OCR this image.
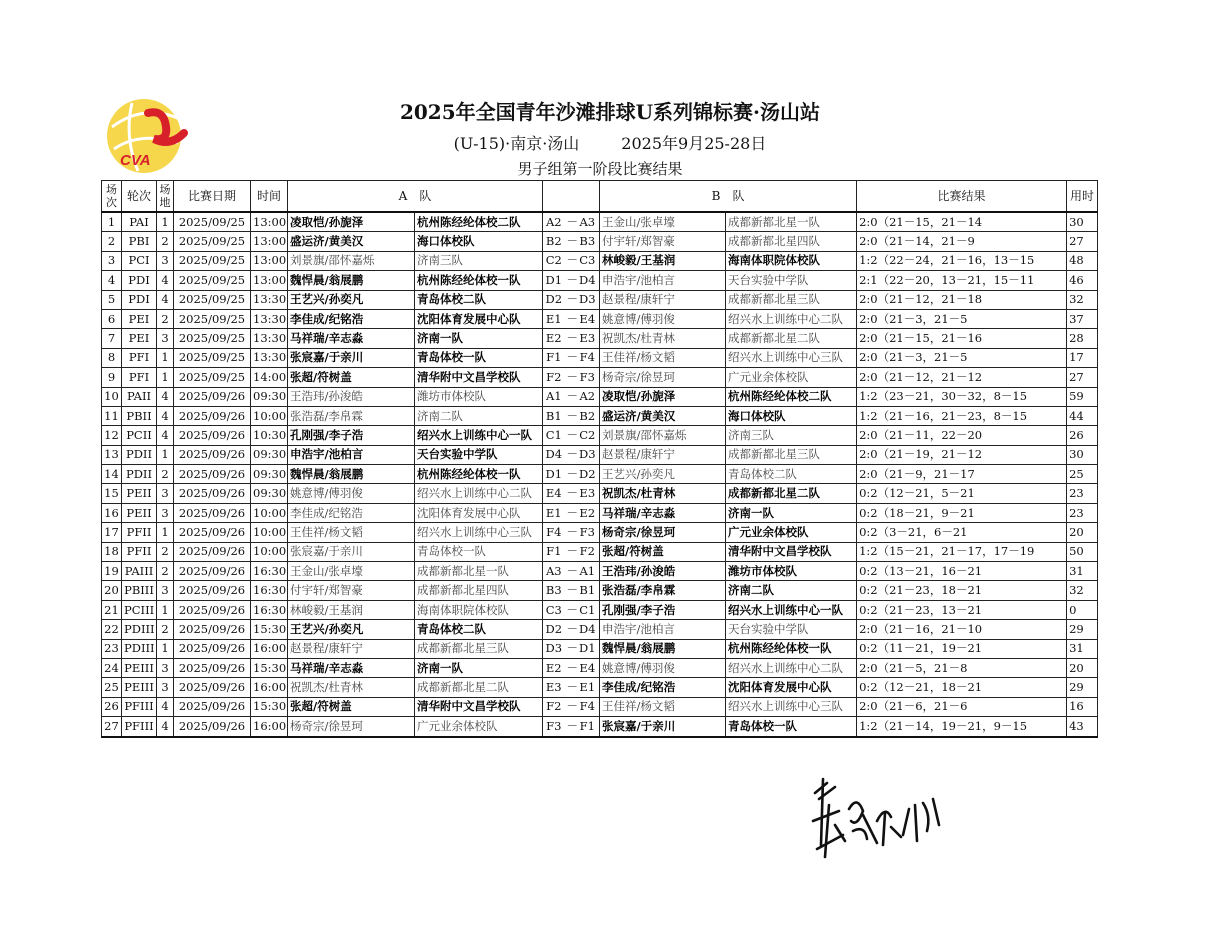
CVA
2025年全国青年沙滩排球U系列锦标赛·汤山站
(U-15)·南京·汤山	2025年9月25-28日
男子组第一阶段比赛结果
场次	轮次	场地	比赛日期	时间	A　队					B　队		比赛结果	用时
1	PAI	1	2025/09/25	13:00	凌取恺/孙旎泽	杭州陈经纶体校二队	A2	－	A3	王金山/张卓壕	成都新都北星一队	2:0（21－15，21－14	30
2	PBI	2	2025/09/25	13:00	盛运济/黄美汉	海口体校队	B2	－	B3	付宇轩/郑智豪	成都新都北星四队	2:0（21－14，21－9	27
3	PCI	3	2025/09/25	13:00	刘景旗/邵怀嘉烁	济南三队	C2	－	C3	林峻毅/王基润	海南体职院体校队	1:2（22－24，21－16，13－15	48
4	PDI	4	2025/09/25	13:00	魏悍晨/翁展鹏	杭州陈经纶体校一队	D1	－	D4	申浩宇/池柏言	天台实验中学队	2:1（22－20，13－21，15－11	46
5	PDI	4	2025/09/25	13:30	王艺兴/孙奕凡	青岛体校二队	D2	－	D3	赵景程/康轩宁	成都新都北星三队	2:0（21－12，21－18	32
6	PEI	2	2025/09/25	13:30	李佳成/纪铭浩	沈阳体育发展中心队	E1	－	E4	姚意博/傅羽俊	绍兴水上训练中心二队	2:0（21－3，21－5	37
7	PEI	3	2025/09/25	13:30	马祥瑞/辛志淼	济南一队	E2	－	E3	祝凯杰/杜青林	成都新都北星二队	2:0（21－15，21－16	28
8	PFI	1	2025/09/25	13:30	张宸嘉/于亲川	青岛体校一队	F1	－	F4	王佳祥/杨文韬	绍兴水上训练中心三队	2:0（21－3，21－5	17
9	PFI	1	2025/09/25	14:00	张超/符树盖	清华附中文昌学校队	F2	－	F3	杨奇宗/徐昱珂	广元业余体校队	2:0（21－12，21－12	27
10	PAII	4	2025/09/26	09:30	王浩玮/孙浚皓	潍坊市体校队	A1	－	A2	凌取恺/孙旎泽	杭州陈经纶体校二队	1:2（23－21，30－32，8－15	59
11	PBII	4	2025/09/26	10:00	张浩磊/李帛霖	济南二队	B1	－	B2	盛运济/黄美汉	海口体校队	1:2（21－16，21－23，8－15	44
12	PCII	4	2025/09/26	10:30	孔刚强/李子浩	绍兴水上训练中心一队	C1	－	C2	刘景旗/邵怀嘉烁	济南三队	2:0（21－11，22－20	26
13	PDII	1	2025/09/26	09:30	申浩宇/池柏言	天台实验中学队	D4	－	D3	赵景程/康轩宁	成都新都北星三队	2:0（21－19，21－12	30
14	PDII	2	2025/09/26	09:30	魏悍晨/翁展鹏	杭州陈经纶体校一队	D1	－	D2	王艺兴/孙奕凡	青岛体校二队	2:0（21－9，21－17	25
15	PEII	3	2025/09/26	09:30	姚意博/傅羽俊	绍兴水上训练中心二队	E4	－	E3	祝凯杰/杜青林	成都新都北星二队	0:2（12－21，5－21	23
16	PEII	3	2025/09/26	10:00	李佳成/纪铭浩	沈阳体育发展中心队	E1	－	E2	马祥瑞/辛志淼	济南一队	0:2（18－21，9－21	23
17	PFII	1	2025/09/26	10:00	王佳祥/杨文韬	绍兴水上训练中心三队	F4	－	F3	杨奇宗/徐昱珂	广元业余体校队	0:2（3－21，6－21	20
18	PFII	2	2025/09/26	10:00	张宸嘉/于亲川	青岛体校一队	F1	－	F2	张超/符树盖	清华附中文昌学校队	1:2（15－21，21－17，17－19	50
19	PAIII	2	2025/09/26	16:30	王金山/张卓壕	成都新都北星一队	A3	－	A1	王浩玮/孙浚皓	潍坊市体校队	0:2（13－21，16－21	31
20	PBIII	3	2025/09/26	16:30	付宇轩/郑智豪	成都新都北星四队	B3	－	B1	张浩磊/李帛霖	济南二队	0:2（21－23，18－21	32
21	PCIII	1	2025/09/26	16:30	林峻毅/王基润	海南体职院体校队	C3	－	C1	孔刚强/李子浩	绍兴水上训练中心一队	0:2（21－23，13－21	0
22	PDIII	2	2025/09/26	15:30	王艺兴/孙奕凡	青岛体校二队	D2	－	D4	申浩宇/池柏言	天台实验中学队	2:0（21－16，21－10	29
23	PDIII	1	2025/09/26	16:00	赵景程/康轩宁	成都新都北星三队	D3	－	D1	魏悍晨/翁展鹏	杭州陈经纶体校一队	0:2（11－21，19－21	31
24	PEIII	3	2025/09/26	15:30	马祥瑞/辛志淼	济南一队	E2	－	E4	姚意博/傅羽俊	绍兴水上训练中心二队	2:0（21－5，21－8	20
25	PEIII	3	2025/09/26	16:00	祝凯杰/杜青林	成都新都北星二队	E3	－	E1	李佳成/纪铭浩	沈阳体育发展中心队	0:2（12－21，18－21	29
26	PFIII	4	2025/09/26	15:30	张超/符树盖	清华附中文昌学校队	F2	－	F4	王佳祥/杨文韬	绍兴水上训练中心三队	2:0（21－6，21－6	16
27	PFIII	4	2025/09/26	16:00	杨奇宗/徐昱珂	广元业余体校队	F3	－	F1	张宸嘉/于亲川	青岛体校一队	1:2（21－14，19－21，9－15	43
